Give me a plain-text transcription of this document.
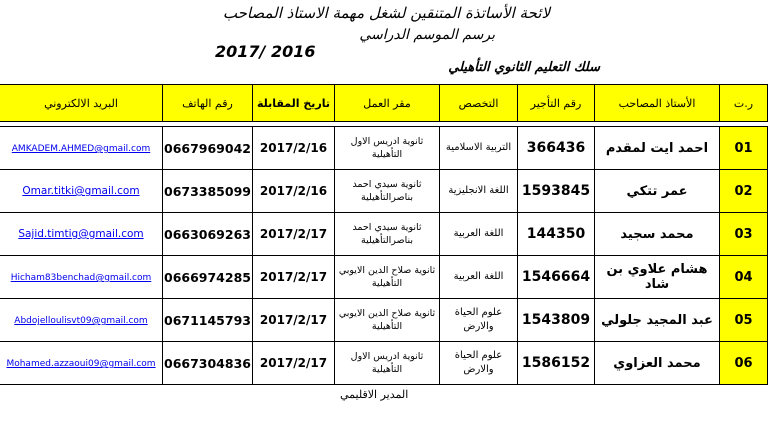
لائحة الأساتذة المتنقين لشغل مهمة الاستاذ المصاحب

برسم الموسم الدراسي

2017/ 2016

سلك التعليم الثانوي التأهيلي

ر.ت	الأستاذ المصاحب	رقم التأجير	التخصص	مقر العمل	تاريخ المقابلة	رقم الهاتف	البريد الالكتروني

01	احمد ايت لمقدم	366436	التربية الاسلامية	ثانوية ادريس الاول التأهيلية	2017/2/16	0667969042	AMKADEM.AHMED@gmail.com
02	عمر تتكي	1593845	اللغة الانجليزية	ثانوية سيدي احمد بناصرالتأهيلية	2017/2/16	0673385099	Omar.titki@gmail.com
03	محمد سجيد	144350	اللغة العربية	ثانوية سيدي احمد بناصرالتأهيلية	2017/2/17	0663069263	Sajid.timtig@gmail.com
04	هشام علاوي بن شاد	1546664	اللغة العربية	ثانوية صلاح الدين الايوبي التأهيلية	2017/2/17	0666974285	Hicham83benchad@gmail.com
05	عبد المجيد جلولي	1543809	علوم الحياة والارض	ثانوية صلاح الدين الايوبي التأهيلية	2017/2/17	0671145793	Abdojelloulisvt09@gmail.com
06	محمد العزاوي	1586152	علوم الحياة والارض	ثانوية ادريس الاول التأهيلية	2017/2/17	0667304836	Mohamed.azzaoui09@gmail.com

المدير الاقليمي
